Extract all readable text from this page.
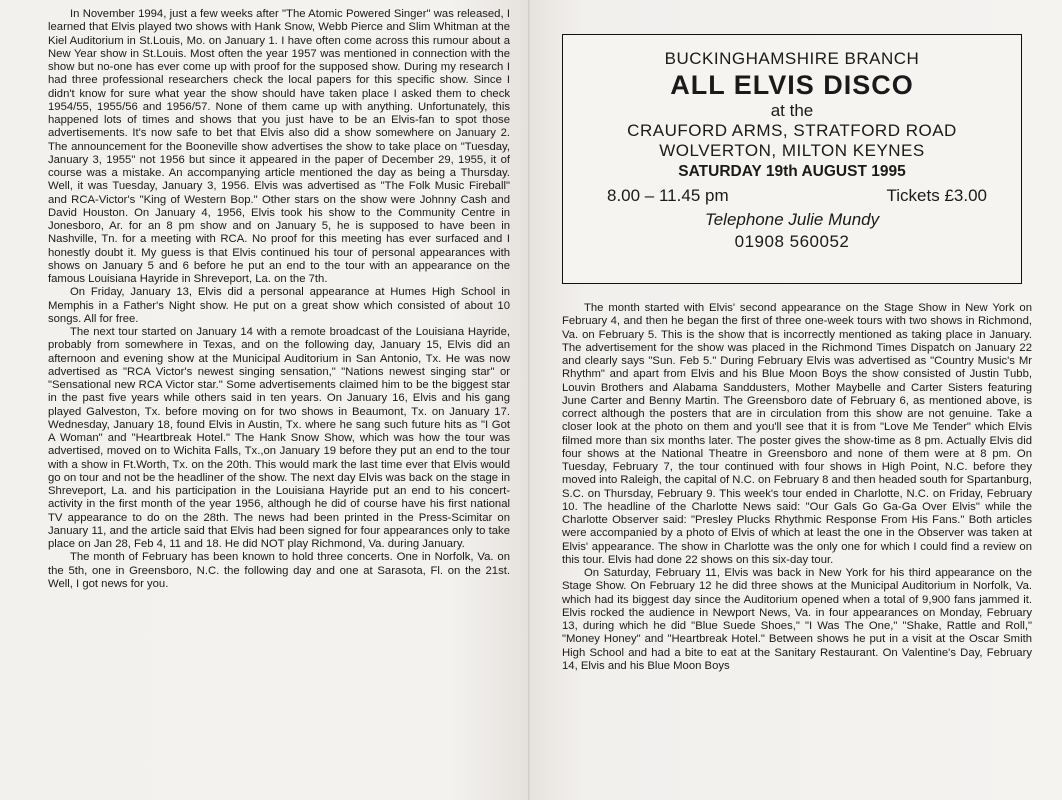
In November 1994, just a few weeks after "The Atomic Powered Singer" was released, I learned that Elvis played two shows with Hank Snow, Webb Pierce and Slim Whitman at the Kiel Auditorium in St.Louis, Mo. on January 1. I have often come across this rumour about a New Year show in St.Louis. Most often the year 1957 was mentioned in connection with the show but no-one has ever come up with proof for the supposed show. During my research I had three professional researchers check the local papers for this specific show. Since I didn't know for sure what year the show should have taken place I asked them to check 1954/55, 1955/56 and 1956/57. None of them came up with anything. Unfortunately, this happened lots of times and shows that you just have to be an Elvis-fan to spot those advertisements. It's now safe to bet that Elvis also did a show somewhere on January 2. The announcement for the Booneville show advertises the show to take place on "Tuesday, January 3, 1955" not 1956 but since it appeared in the paper of December 29, 1955, it of course was a mistake. An accompanying article mentioned the day as being a Thursday. Well, it was Tuesday, January 3, 1956. Elvis was advertised as "The Folk Music Fireball" and RCA-Victor's "King of Western Bop." Other stars on the show were Johnny Cash and David Houston. On January 4, 1956, Elvis took his show to the Community Centre in Jonesboro, Ar. for an 8 pm show and on January 5, he is supposed to have been in Nashville, Tn. for a meeting with RCA. No proof for this meeting has ever surfaced and I honestly doubt it. My guess is that Elvis continued his tour of personal appearances with shows on January 5 and 6 before he put an end to the tour with an appearance on the famous Louisiana Hayride in Shreveport, La. on the 7th.

On Friday, January 13, Elvis did a personal appearance at Humes High School in Memphis in a Father's Night show. He put on a great show which consisted of about 10 songs. All for free.

The next tour started on January 14 with a remote broadcast of the Louisiana Hayride, probably from somewhere in Texas, and on the following day, January 15, Elvis did an afternoon and evening show at the Municipal Auditorium in San Antonio, Tx. He was now advertised as "RCA Victor's newest singing sensation," "Nations newest singing star" or "Sensational new RCA Victor star." Some advertisements claimed him to be the biggest star in the past five years while others said in ten years. On January 16, Elvis and his gang played Galveston, Tx. before moving on for two shows in Beaumont, Tx. on January 17. Wednesday, January 18, found Elvis in Austin, Tx. where he sang such future hits as "I Got A Woman" and "Heartbreak Hotel." The Hank Snow Show, which was how the tour was advertised, moved on to Wichita Falls, Tx.,on January 19 before they put an end to the tour with a show in Ft.Worth, Tx. on the 20th. This would mark the last time ever that Elvis would go on tour and not be the headliner of the show. The next day Elvis was back on the stage in Shreveport, La. and his participation in the Louisiana Hayride put an end to his concert-activity in the first month of the year 1956, although he did of course have his first national TV appearance to do on the 28th. The news had been printed in the Press-Scimitar on January 11, and the article said that Elvis had been signed for four appearances only to take place on Jan 28, Feb 4, 11 and 18. He did NOT play Richmond, Va. during January.

The month of February has been known to hold three concerts. One in Norfolk, Va. on the 5th, one in Greensboro, N.C. the following day and one at Sarasota, Fl. on the 21st. Well, I got news for you.

BUCKINGHAMSHIRE BRANCH
ALL ELVIS DISCO
at the
CRAUFORD ARMS, STRATFORD ROAD
WOLVERTON, MILTON KEYNES
SATURDAY 19th AUGUST 1995
8.00 – 11.45 pm	Tickets £3.00
Telephone Julie Mundy
01908 560052

The month started with Elvis' second appearance on the Stage Show in New York on February 4, and then he began the first of three one-week tours with two shows in Richmond, Va. on February 5. This is the show that is incorrectly mentioned as taking place in January. The advertisement for the show was placed in the Richmond Times Dispatch on January 22 and clearly says "Sun. Feb 5." During February Elvis was advertised as "Country Music's Mr Rhythm" and apart from Elvis and his Blue Moon Boys the show consisted of Justin Tubb, Louvin Brothers and Alabama Sanddusters, Mother Maybelle and Carter Sisters featuring June Carter and Benny Martin. The Greensboro date of February 6, as mentioned above, is correct although the posters that are in circulation from this show are not genuine. Take a closer look at the photo on them and you'll see that it is from "Love Me Tender" which Elvis filmed more than six months later. The poster gives the show-time as 8 pm. Actually Elvis did four shows at the National Theatre in Greensboro and none of them were at 8 pm. On Tuesday, February 7, the tour continued with four shows in High Point, N.C. before they moved into Raleigh, the capital of N.C. on February 8 and then headed south for Spartanburg, S.C. on Thursday, February 9. This week's tour ended in Charlotte, N.C. on Friday, February 10. The headline of the Charlotte News said: "Our Gals Go Ga-Ga Over Elvis" while the Charlotte Observer said: "Presley Plucks Rhythmic Response From His Fans." Both articles were accompanied by a photo of Elvis of which at least the one in the Observer was taken at Elvis' appearance. The show in Charlotte was the only one for which I could find a review on this tour. Elvis had done 22 shows on this six-day tour.

On Saturday, February 11, Elvis was back in New York for his third appearance on the Stage Show. On February 12 he did three shows at the Municipal Auditorium in Norfolk, Va. which had its biggest day since the Auditorium opened when a total of 9,900 fans jammed it. Elvis rocked the audience in Newport News, Va. in four appearances on Monday, February 13, during which he did "Blue Suede Shoes," "I Was The One," "Shake, Rattle and Roll," "Money Honey" and "Heartbreak Hotel." Between shows he put in a visit at the Oscar Smith High School and had a bite to eat at the Sanitary Restaurant. On Valentine's Day, February 14, Elvis and his Blue Moon Boys
